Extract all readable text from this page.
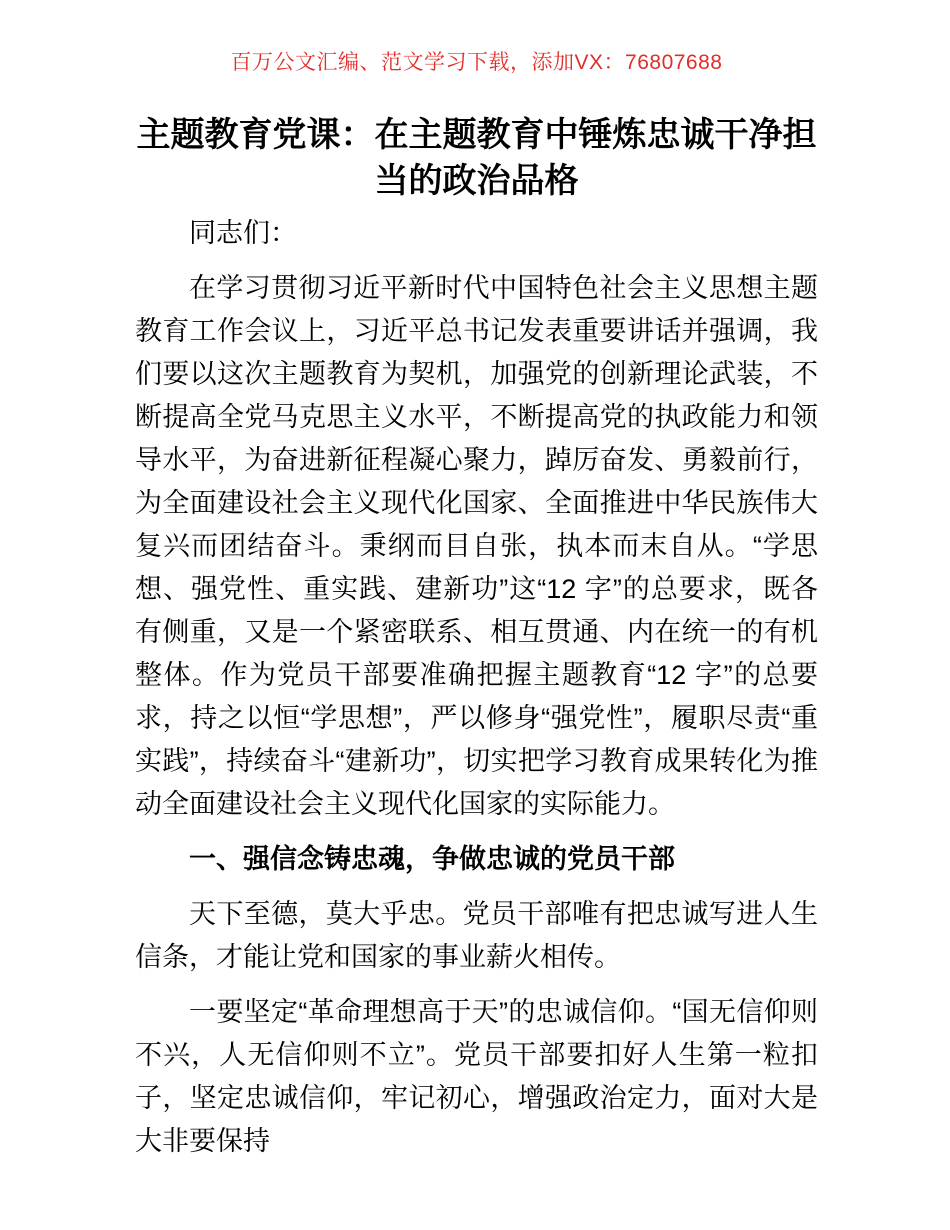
百万公文汇编、范文学习下载，添加VX：76807688
主题教育党课：在主题教育中锤炼忠诚干净担当的政治品格

同志们：

在学习贯彻习近平新时代中国特色社会主义思想主题教育工作会议上，习近平总书记发表重要讲话并强调，我们要以这次主题教育为契机，加强党的创新理论武装，不断提高全党马克思主义水平，不断提高党的执政能力和领导水平，为奋进新征程凝心聚力，踔厉奋发、勇毅前行，为全面建设社会主义现代化国家、全面推进中华民族伟大复兴而团结奋斗。秉纲而目自张，执本而末自从。“学思想、强党性、重实践、建新功”这“12 字”的总要求，既各有侧重，又是一个紧密联系、相互贯通、内在统一的有机整体。作为党员干部要准确把握主题教育“12 字”的总要求，持之以恒“学思想”，严以修身“强党性”，履职尽责“重实践”，持续奋斗“建新功”，切实把学习教育成果转化为推动全面建设社会主义现代化国家的实际能力。

一、强信念铸忠魂，争做忠诚的党员干部

天下至德，莫大乎忠。党员干部唯有把忠诚写进人生信条，才能让党和国家的事业薪火相传。

一要坚定“革命理想高于天”的忠诚信仰。“国无信仰则不兴，人无信仰则不立”。党员干部要扣好人生第一粒扣子，坚定忠诚信仰，牢记初心，增强政治定力，面对大是大非要保持
